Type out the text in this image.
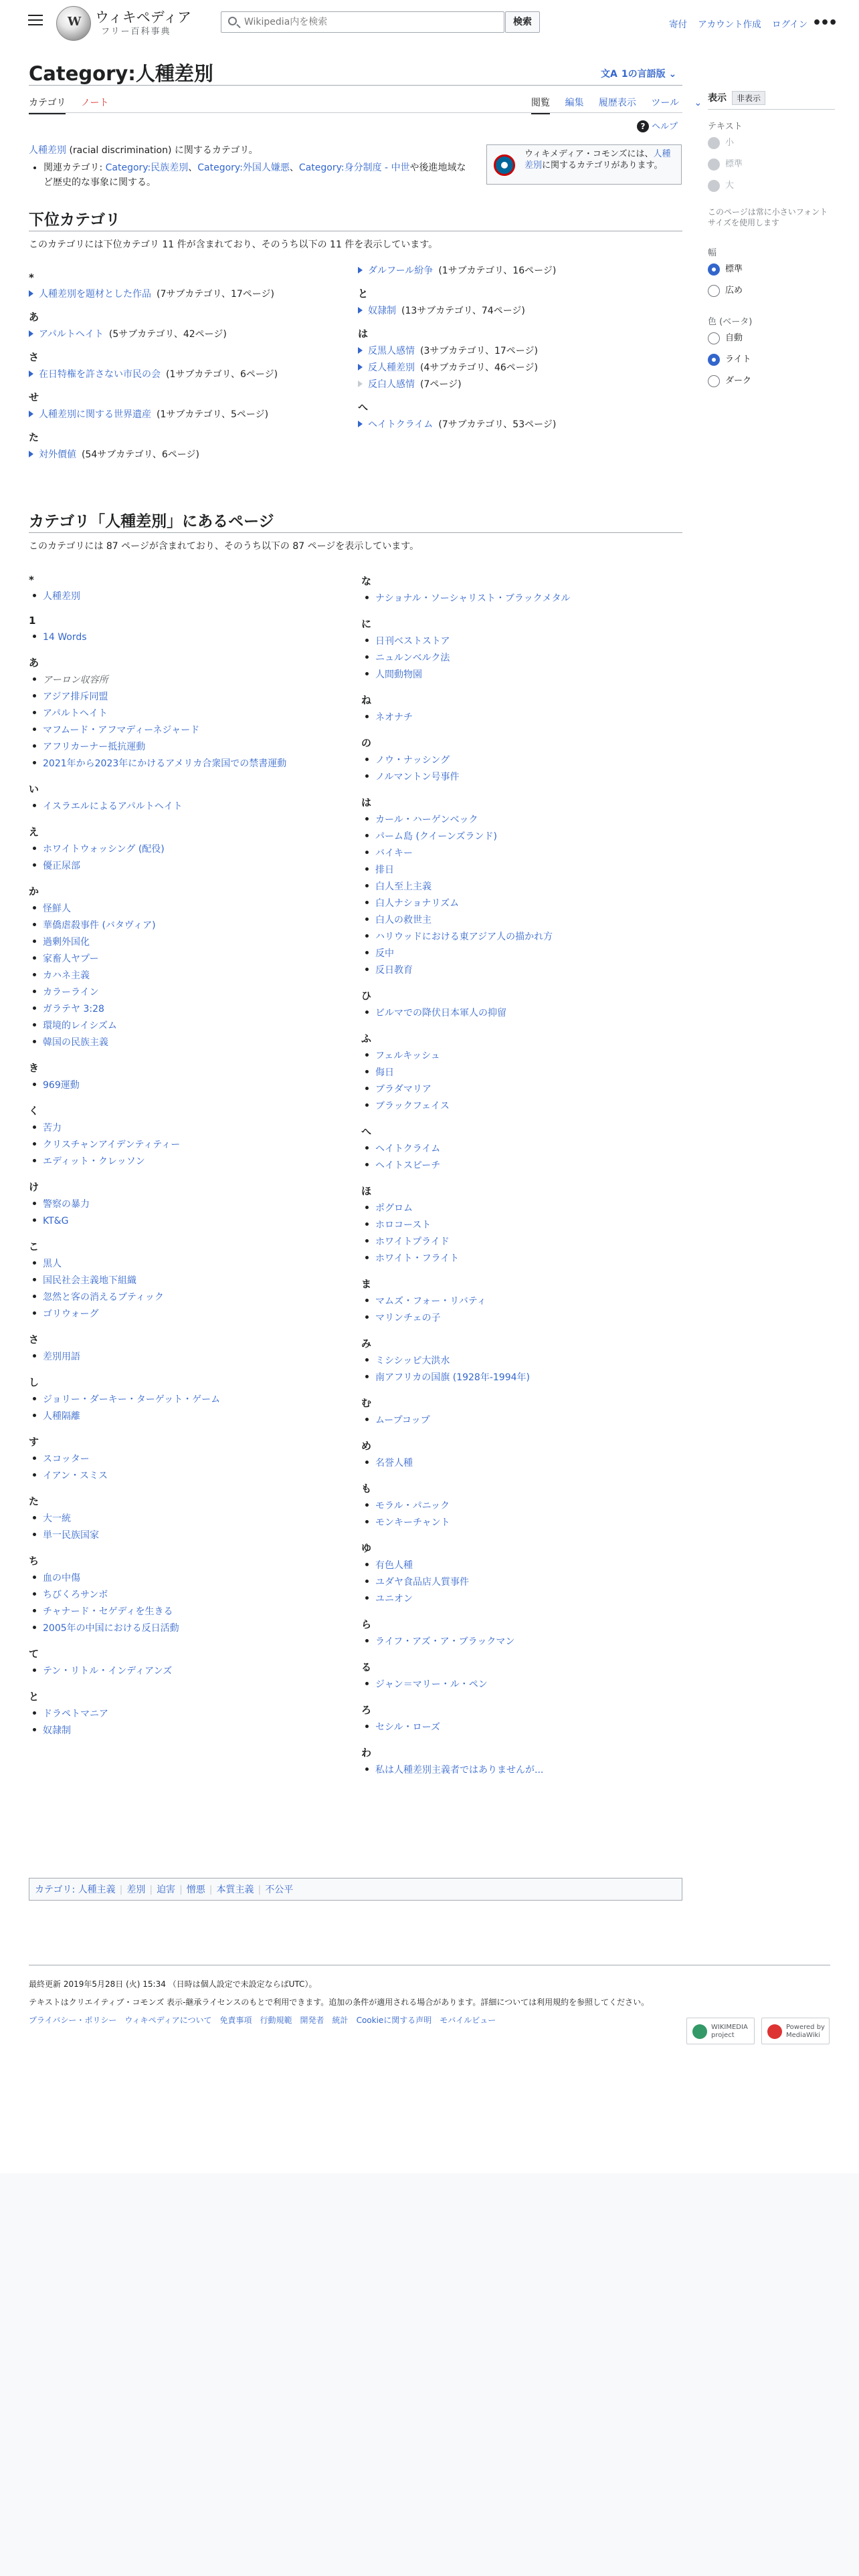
W ウィキペディア
フリー百科事典
Wikipedia内を検索
検索	寄付 アカウント作成 ログイン •••
Category:人種差別	文A 1の言語版 ⌄
カテゴリ ノート	閲覧 編集 履歴表示 ツール ⌄
? ヘルプ
人種差別 (racial discrimination) に関するカテゴリ。
• 関連カテゴリ: Category:民族差別、Category:外国人嫌悪、Category:身分制度 - 中世や後進地域など歴史的な事象に関する。
ウィキメディア・コモンズには、人種差別に関するカテゴリがあります。
下位カテゴリ
このカテゴリには下位カテゴリ 11 件が含まれており、そのうち以下の 11 件を表示しています。
*
人種差別を題材とした作品 (7サブカテゴリ、17ページ)
あ
アパルトヘイト (5サブカテゴリ、42ページ)
さ
在日特権を許さない市民の会 (1サブカテゴリ、6ページ)
せ
人種差別に関する世界遺産 (1サブカテゴリ、5ページ)
た
対外價値 (54サブカテゴリ、6ページ)
ダルフール紛争 (1サブカテゴリ、16ページ)
と
奴隷制 (13サブカテゴリ、74ページ)
は
反黒人感情 (3サブカテゴリ、17ページ)
反人種差別 (4サブカテゴリ、46ページ)
反白人感情 (7ページ)
へ
ヘイトクライム (7サブカテゴリ、53ページ)
カテゴリ「人種差別」にあるページ
このカテゴリには 87 ページが含まれており、そのうち以下の 87 ページを表示しています。
*
人種差別
1
14 Words
あ
アーロン収容所
アジア排斥同盟
アパルトヘイト
マフムード・アフマディーネジャード
アフリカーナー抵抗運動
2021年から2023年にかけるアメリカ合衆国での禁書運動
い
イスラエルによるアパルトヘイト
え
ホワイトウォッシング (配役)
優正尿部
か
怪鮮人
華僑虐殺事件 (バタヴィア)
過剰外国化
家畜人ヤプー
カハネ主義
カラーライン
ガラテヤ 3:28
環境的レイシズム
韓国の民族主義
き
969運動
く
苦力
クリスチャンアイデンティティー
エディット・クレッソン
け
警察の暴力
KT&G
こ
黒人
国民社会主義地下組織
忽然と客の消えるブティック
ゴリウォーグ
さ
差別用語
し
ジョリー・ダーキー・ターゲット・ゲーム
人種隔離
す
スコッター
イアン・スミス
た
大一統
単一民族国家
ち
血の中傷
ちびくろサンボ
チャナード・セゲディを生きる
2005年の中国における反日活動
て
テン・リトル・インディアンズ
と
ドラペトマニア
奴隷制
な
ナショナル・ソーシャリスト・ブラックメタル
に
日刊ベストストア
ニュルンベルク法
人間動物園
ね
ネオナチ
の
ノウ・ナッシング
ノルマントン号事件
は
カール・ハーゲンベック
パーム島 (クイーンズランド)
バイキー
排日
白人至上主義
白人ナショナリズム
白人の救世主
ハリウッドにおける東アジア人の描かれ方
反中
反日教育
ひ
ビルマでの降伏日本軍人の抑留
ふ
フェルキッシュ
侮日
ブラダマリア
ブラックフェイス
へ
ヘイトクライム
ヘイトスピーチ
ほ
ポグロム
ホロコースト
ホワイトプライド
ホワイト・フライト
ま
マムズ・フォー・リバティ
マリンチェの子
み
ミシシッピ大洪水
南アフリカの国旗 (1928年-1994年)
む
ムープコップ
め
名誉人種
も
モラル・パニック
モンキーチャント
ゆ
有色人種
ユダヤ食品店人質事件
ユニオン
ら
ライフ・アズ・ア・ブラックマン
る
ジャン＝マリー・ル・ペン
ろ
セシル・ローズ
わ
私は人種差別主義者ではありませんが...
カテゴリ: 人種主義 | 差別 | 迫害 | 憎悪 | 本質主義 | 不公平
表示 非表示
テキスト
小
標準
大
このページは常に小さいフォントサイズを使用します
幅
標準
広め
色 (ベータ)
自動
ライト
ダーク
最終更新 2019年5月28日 (火) 15:34 （日時は個人設定で未設定ならばUTC）。
テキストはクリエイティブ・コモンズ 表示-継承ライセンスのもとで利用できます。追加の条件が適用される場合があります。詳細については利用規約を参照してください。
プライバシー・ポリシー ウィキペディアについて 免責事項 行動規範 開発者 統計 Cookieに関する声明 モバイルビュー
WIKIMEDIA project
Powered by MediaWiki
